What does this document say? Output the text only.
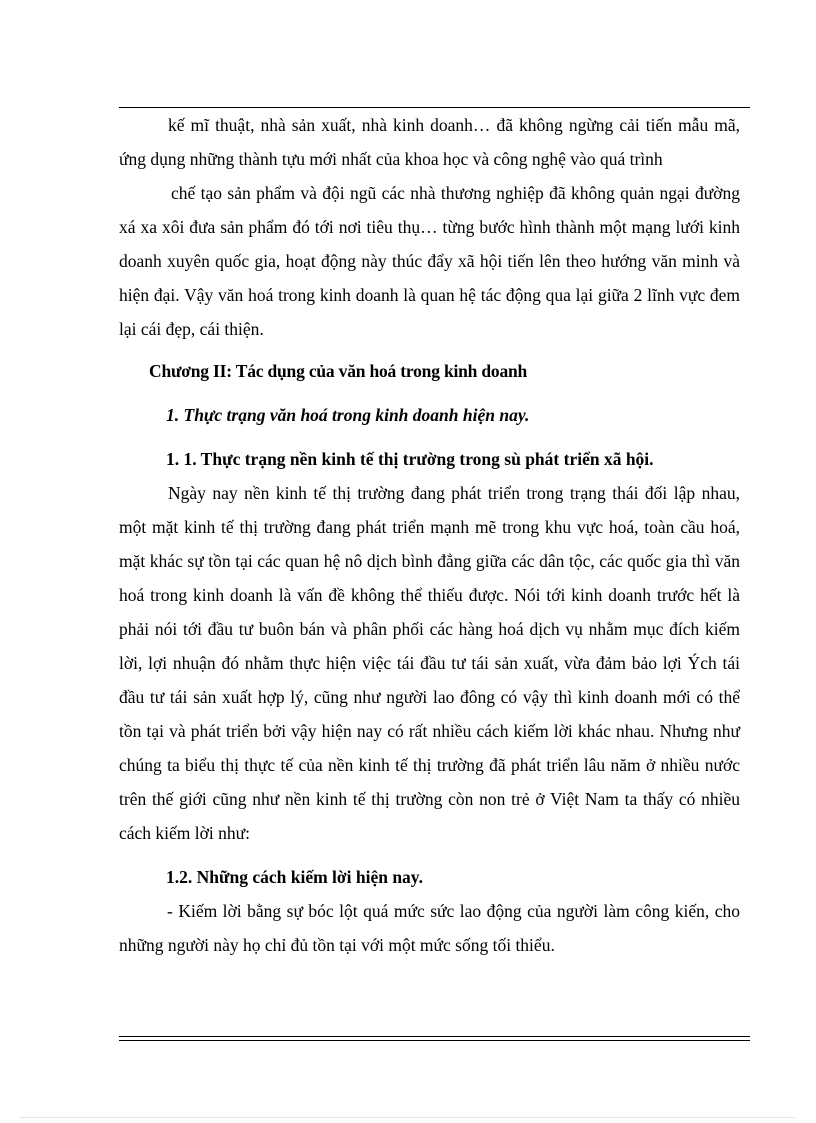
kế mĩ thuật, nhà sản xuất, nhà kinh doanh… đã không ngừng cải tiến mẫu mã, ứng dụng những thành tựu mới nhất của khoa học và công nghệ vào quá trình

chế tạo sản phẩm và đội ngũ các nhà thương nghiệp đã không quản ngại đường xá xa xôi đưa sản phẩm đó tới nơi tiêu thụ… từng bước hình thành một mạng lưới kinh doanh xuyên quốc gia, hoạt động này thúc đẩy xã hội tiến lên theo hướng văn minh và hiện đại. Vậy văn hoá trong kinh doanh là quan hệ tác động qua lại giữa 2 lĩnh vực đem lại cái đẹp, cái thiện.

Chương II: Tác dụng của văn hoá trong kinh doanh

1. Thực trạng văn hoá trong kinh doanh hiện nay.

1. 1. Thực trạng nền kinh tế thị trường trong sù phát triển xã hội.

Ngày nay nền kinh tế thị trường đang phát triển trong trạng thái đối lập nhau, một mặt kinh tế thị trường đang phát triển mạnh mẽ trong khu vực hoá, toàn cầu hoá, mặt khác sự tồn tại các quan hệ nô dịch bình đẳng giữa các dân tộc, các quốc gia thì văn hoá trong kinh doanh là vấn đề không thể thiếu được. Nói tới kinh doanh trước hết là phải nói tới đầu tư buôn bán và phân phối các hàng hoá dịch vụ nhằm mục đích kiếm lời, lợi nhuận đó nhằm thực hiện việc tái đầu tư tái sản xuất, vừa đảm bảo lợi Ých tái đầu tư tái sản xuất hợp lý, cũng như người lao đông có vậy thì kinh doanh mới có thể tồn tại và phát triển bởi vậy hiện nay có rất nhiều cách kiếm lời khác nhau. Nhưng như chúng ta biểu thị thực tế của nền kinh tế thị trường đã phát triển lâu năm ở nhiều nước trên thế giới cũng như nền kinh tế thị trường còn non trẻ ở Việt Nam ta thấy có nhiều cách kiếm lời như:

1.2. Những cách kiếm lời hiện nay.

- Kiếm lời bằng sự bóc lột quá mức sức lao động của người làm công kiến, cho những người này họ chỉ đủ tồn tại với một mức sống tối thiểu.
